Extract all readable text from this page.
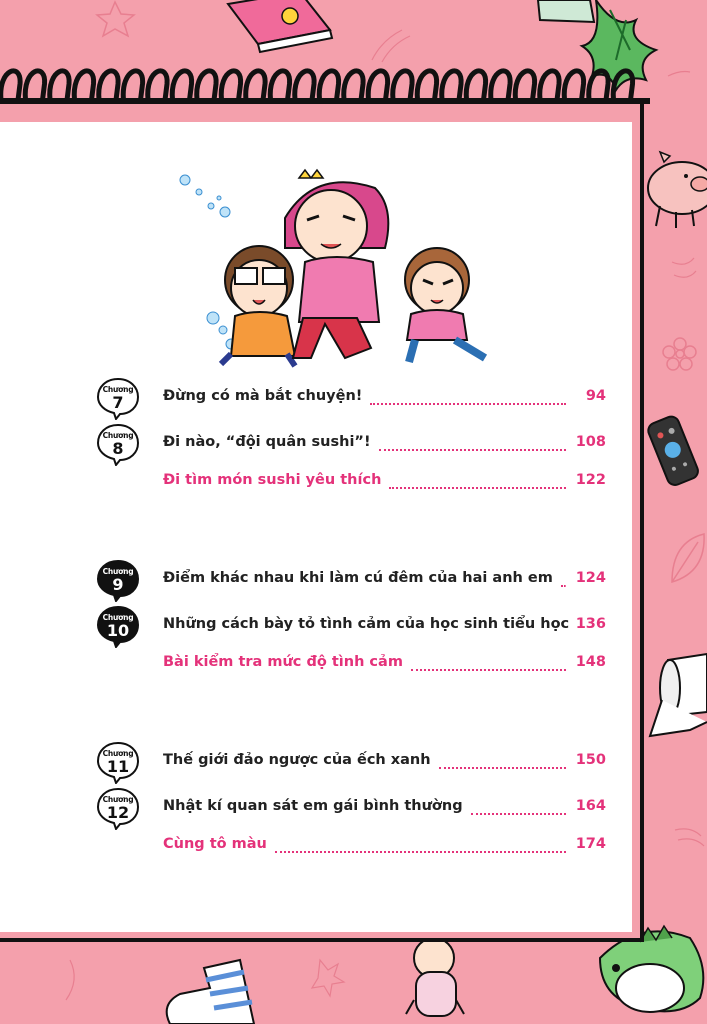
Chương
7	Đừng có mà bắt chuyện!	94
Chương
8	Đi nào, “đội quân sushi”!	108
Đi tìm món sushi yêu thích	122
Chương
9	Điểm khác nhau khi làm cú đêm của hai anh em	124
Chương
10	Những cách bày tỏ tình cảm của học sinh tiểu học 136
Bài kiểm tra mức độ tình cảm	148
Chương
11	Thế giới đảo ngược của ếch xanh	150
Chương
12	Nhật kí quan sát em gái bình thường	164
Cùng tô màu	174
